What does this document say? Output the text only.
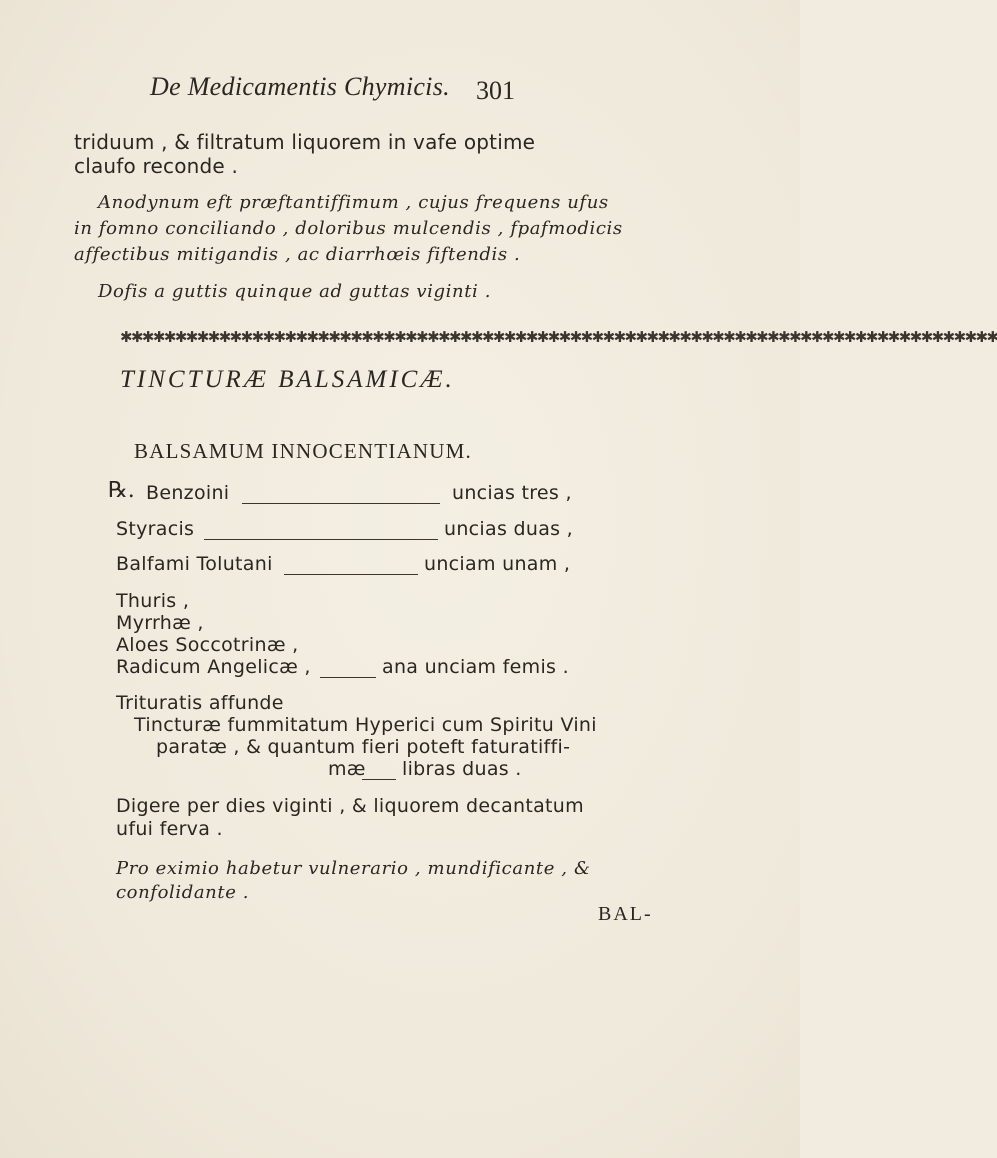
De Medicamentis Chymicis. 301
triduum , & filtratum liquorem in vafe optime
claufo reconde .
Anodynum eft præftantiffimum , cujus frequens ufus
in fomno conciliando , doloribus mulcendis , fpafmodicis
affectibus mitigandis , ac diarrhœis fiftendis .
Dofis a guttis quinque ad guttas viginti .
✱✱✱✱✱✱✱✱✱✱✱✱✱✱✱✱✱✱✱✱✱✱✱✱✱✱✱✱✱✱✱✱✱✱✱✱✱✱✱✱✱✱✱✱✱✱✱✱✱✱✱✱✱✱✱✱✱✱✱✱✱✱✱✱✱✱✱✱✱✱✱✱✱✱✱✱✱✱✱✱
TINCTURÆ BALSAMICÆ.
BALSAMUM INNOCENTIANUM.
℞. Benzoini	uncias tres ,
Styracis	uncias duas ,
Balfami Tolutani	unciam unam ,
Thuris ,
Myrrhæ ,
Aloes Soccotrinæ ,
Radicum Angelicæ ,	ana unciam femis .
Trituratis affunde
Tincturæ fummitatum Hyperici cum Spiritu Vini
paratæ , & quantum fieri poteft faturatiffi-
mæ libras duas .
Digere per dies viginti , & liquorem decantatum
ufui ferva .
Pro eximio habetur vulnerario , mundificante , &
confolidante .
BAL-
